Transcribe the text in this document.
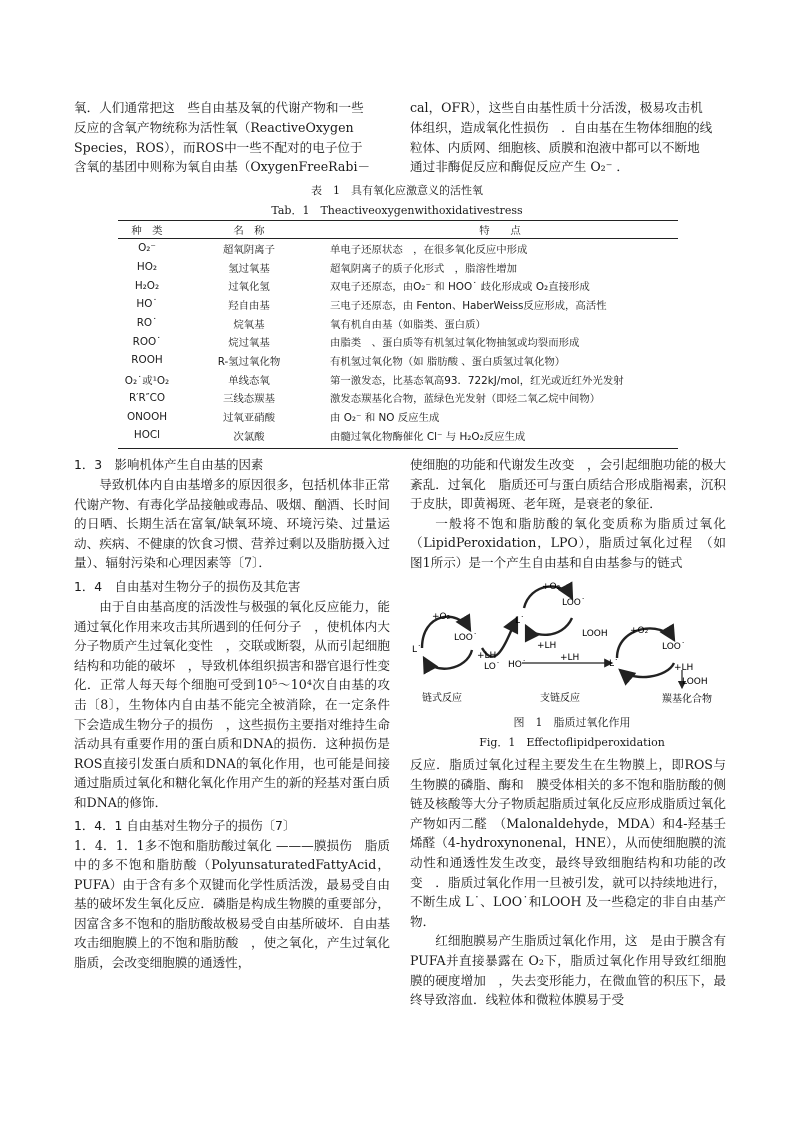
氧．人们通常把这　些自由基及氧的代谢产物和一些

反应的含氧产物统称为活性氧（ReactiveOxygen

Species，ROS），而ROS中一些不配对的电子位于

含氧的基团中则称为氧自由基（OxygenFreeRabi－

cal，OFR），这些自由基性质十分活泼，极易攻击机

体组织，造成氧化性损伤　．自由基在生物体细胞的线

粒体、内质网、细胞核、质膜和泡液中都可以不断地

通过非酶促反应和酶促反应产生 O₂⁻ ．

表　1　具有氧化应激意义的活性氧
Tab．1　Theactiveoxygenwithoxidativestress
种　类	名　称	特　　点
O₂⁻	超氧阴离子	单电子还原状态　，在很多氧化反应中形成
HO₂	氢过氧基	超氧阴离子的质子化形式　，脂溶性增加
H₂O₂	过氧化氢	双电子还原态，由O₂⁻ 和 HOO˙ 歧化形成或 O₂直接形成
HO˙	羟自由基	三电子还原态，由 Fenton、HaberWeiss反应形成，高活性
RO˙	烷氧基	氧有机自由基（如脂类、蛋白质）
ROO˙	烷过氧基	由脂类　、蛋白质等有机氢过氧化物抽氢或均裂而形成
ROOH	R-氢过氧化物	有机氢过氧化物（如 脂肪酸 、蛋白质氢过氧化物）
O₂˙或¹O₂	单线态氧	第一激发态，比基态氧高93．722kJ/mol，红光或近红外光发射
R′R″CO	三线态羰基	激发态羰基化合物，蓝绿色光发射（即烃二氧乙烷中间物）
ONOOH	过氧亚硝酸	由 O₂⁻ 和 NO 反应生成
HOCl	次氯酸	由髓过氧化物酶催化 Cl⁻ 与 H₂O₂反应生成

1．3　影响机体产生自由基的因素

导致机体内自由基增多的原因很多，包括机体非正常代谢产物、有毒化学品接触或毒品、吸烟、酗酒、长时间的日晒、长期生活在富氧/缺氧环境、环境污染、过量运动、疾病、不健康的饮食习惯、营养过剩以及脂肪摄入过量）、辐射污染和心理因素等〔7〕．

1．4　自由基对生物分子的损伤及其危害

由于自由基高度的活泼性与极强的氧化反应能力，能通过氧化作用来攻击其所遇到的任何分子　，使机体内大分子物质产生过氧化变性　，交联或断裂，从而引起细胞结构和功能的破坏　，导致机体组织损害和器官退行性变化．正常人每天每个细胞可受到10⁵～10⁴次自由基的攻击〔8〕，生物体内自由基不能完全被消除，在一定条件下会造成生物分子的损伤　，这些损伤主要指对维持生命活动具有重要作用的蛋白质和DNA的损伤．这种损伤是　ROS直接引发蛋白质和DNA的氧化作用，也可能是间接通过脂质过氧化和糖化氧化作用产生的新的羟基对蛋白质和DNA的修饰．

1．4．1 自由基对生物分子的损伤〔7〕

1．4．1．1多不饱和脂肪酸过氧化 ———膜损伤　脂质中的多不饱和脂肪酸（PolyunsaturatedFattyAcid，PUFA）由于含有多个双键而化学性质活泼，最易受自由基的破坏发生氧化反应．磷脂是构成生物膜的重要部分，因富含多不饱和的脂肪酸故极易受自由基所破坏．自由基攻击细胞膜上的不饱和脂肪酸　，使之氧化，产生过氧化脂质，会改变细胞膜的通透性，

使细胞的功能和代谢发生改变　，会引起细胞功能的极大紊乱．过氧化　脂质还可与蛋白质结合形成脂褐素，沉积于皮肤，即黄褐斑、老年斑，是衰老的象征．

一般将不饱和脂肪酸的氧化变质称为脂质过氧化（LipidPeroxidation，LPO），脂质过氧化过程　（如图1所示）是一个产生自由基和自由基参与的链式

+O₂
LOO˙
L˙
LOOH
+LH
+O₂
LOO˙
L˙
+LH
LO˙ HO˙
+LH
L˙
+O₂
LOO˙
+LH
LOOH
链式反应	支链反应	羰基化合物
图　1　脂质过氧化作用
Fig．1　Effectoflipidperoxidation

反应．脂质过氧化过程主要发生在生物膜上，即ROS与生物膜的磷脂、酶和　膜受体相关的多不饱和脂肪酸的侧链及核酸等大分子物质起脂质过氧化反应形成脂质过氧化产物如丙二醛　（Malonaldehyde，MDA）和4-羟基壬烯醛（4-hydroxynonenal，HNE），从而使细胞膜的流动性和通透性发生改变，最终导致细胞结构和功能的改变　．脂质过氧化作用一旦被引发，就可以持续地进行，不断生成 L˙、LOO˙和LOOH 及一些稳定的非自由基产物．

红细胞膜易产生脂质过氧化作用，这　是由于膜含有 PUFA并直接暴露在 O₂下，脂质过氧化作用导致红细胞膜的硬度增加　，失去变形能力，在微血管的积压下，最终导致溶血．线粒体和微粒体膜易于受
